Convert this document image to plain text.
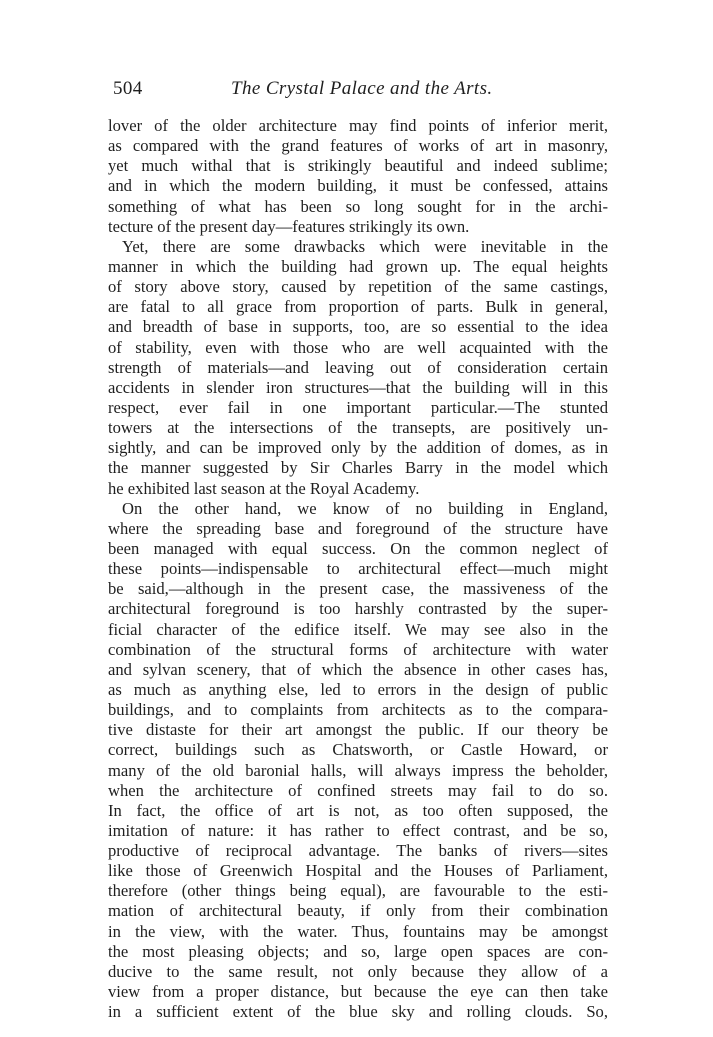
504	The Crystal Palace and the Arts.
lover of the older architecture may find points of inferior merit,
as compared with the grand features of works of art in masonry,
yet much withal that is strikingly beautiful and indeed sublime;
and in which the modern building, it must be confessed, attains
something of what has been so long sought for in the archi-
tecture of the present day—features strikingly its own.
Yet, there are some drawbacks which were inevitable in the
manner in which the building had grown up. The equal heights
of story above story, caused by repetition of the same castings,
are fatal to all grace from proportion of parts. Bulk in general,
and breadth of base in supports, too, are so essential to the idea
of stability, even with those who are well acquainted with the
strength of materials—and leaving out of consideration certain
accidents in slender iron structures—that the building will in this
respect, ever fail in one important particular.—The stunted
towers at the intersections of the transepts, are positively un-
sightly, and can be improved only by the addition of domes, as in
the manner suggested by Sir Charles Barry in the model which
he exhibited last season at the Royal Academy.
On the other hand, we know of no building in England,
where the spreading base and foreground of the structure have
been managed with equal success. On the common neglect of
these points—indispensable to architectural effect—much might
be said,—although in the present case, the massiveness of the
architectural foreground is too harshly contrasted by the super-
ficial character of the edifice itself. We may see also in the
combination of the structural forms of architecture with water
and sylvan scenery, that of which the absence in other cases has,
as much as anything else, led to errors in the design of public
buildings, and to complaints from architects as to the compara-
tive distaste for their art amongst the public. If our theory be
correct, buildings such as Chatsworth, or Castle Howard, or
many of the old baronial halls, will always impress the beholder,
when the architecture of confined streets may fail to do so.
In fact, the office of art is not, as too often supposed, the
imitation of nature: it has rather to effect contrast, and be so,
productive of reciprocal advantage. The banks of rivers—sites
like those of Greenwich Hospital and the Houses of Parliament,
therefore (other things being equal), are favourable to the esti-
mation of architectural beauty, if only from their combination
in the view, with the water. Thus, fountains may be amongst
the most pleasing objects; and so, large open spaces are con-
ducive to the same result, not only because they allow of a
view from a proper distance, but because the eye can then take
in a sufficient extent of the blue sky and rolling clouds. So,
